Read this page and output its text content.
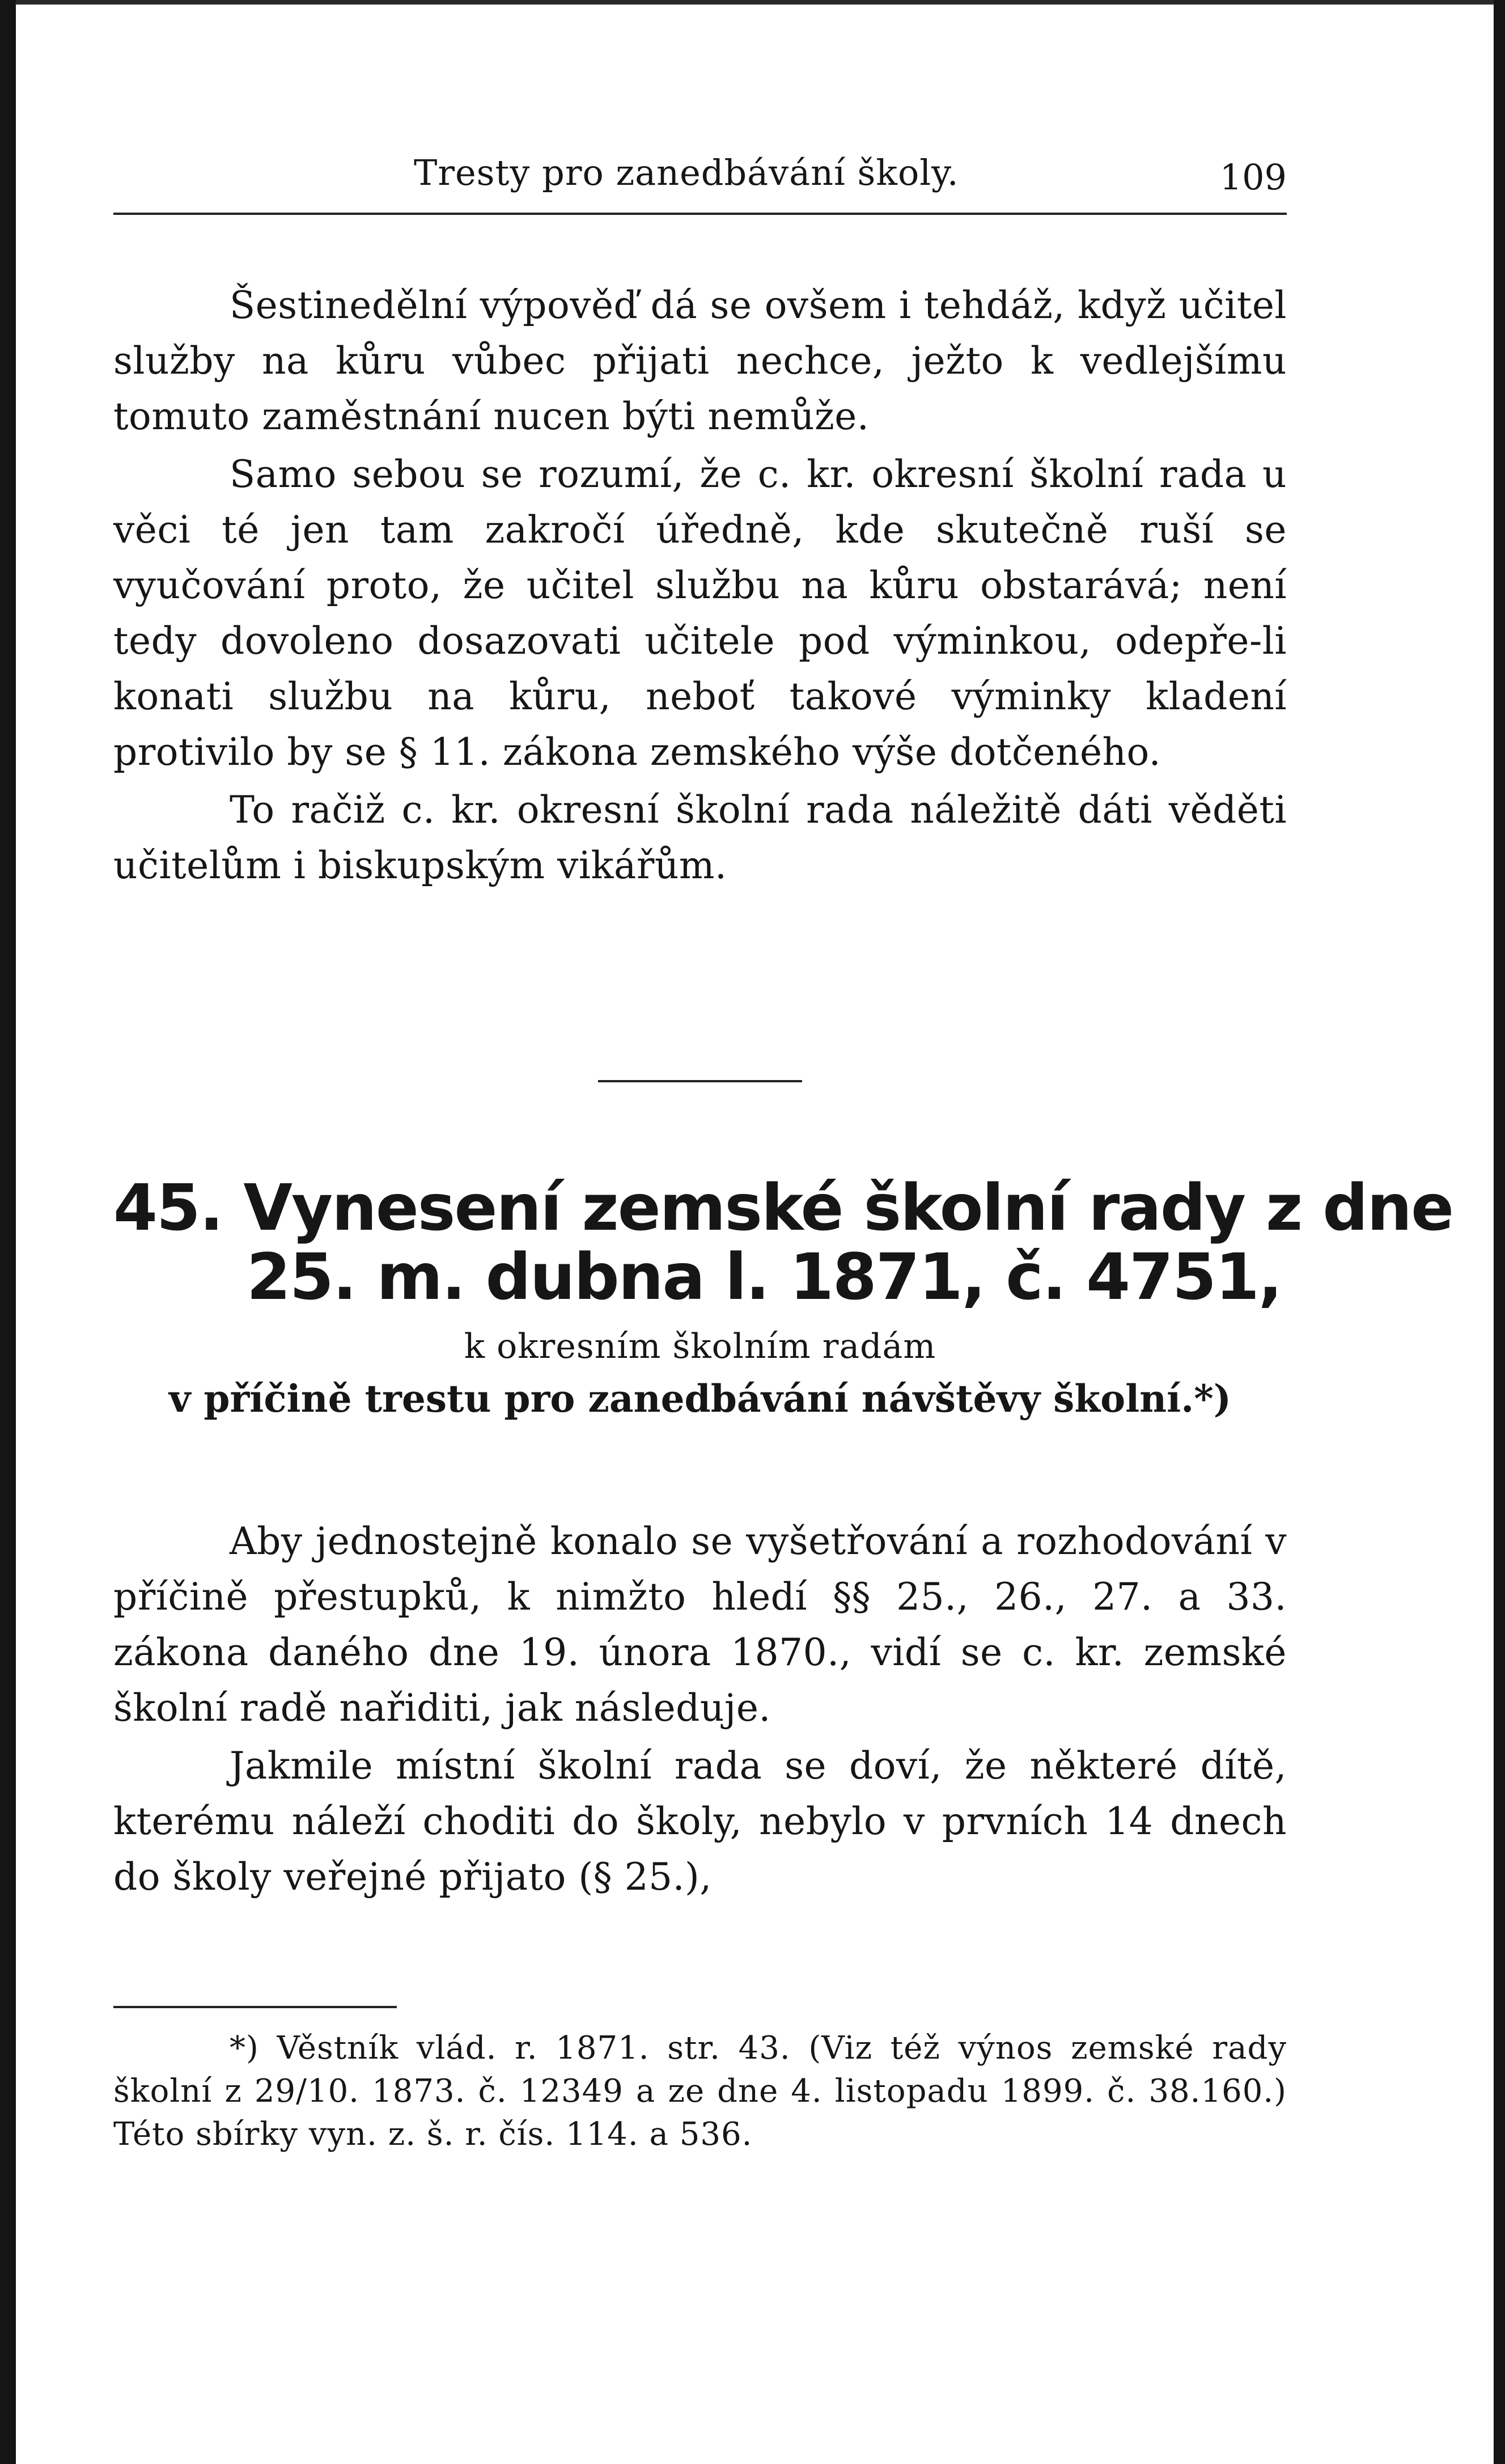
Tresty pro zanedbávání školy.	109

Šestinedělní výpověď dá se ovšem i tehdáž, když učitel služby na kůru vůbec přijati nechce, ježto k vedlejšímu tomuto zaměstnání nucen býti nemůže.

Samo sebou se rozumí, že c. kr. okresní školní rada u věci té jen tam zakročí úředně, kde skutečně ruší se vyučování proto, že učitel službu na kůru obstarává; není tedy dovoleno dosazovati učitele pod výminkou, odepře-li konati službu na kůru, neboť takové výminky kladení protivilo by se § 11. zákona zemského výše dotčeného.

To račiž c. kr. okresní školní rada náležitě dáti věděti učitelům i biskupským vikářům.

45. Vynesení zemské školní rady z dne
25. m. dubna l. 1871, č. 4751,
k okresním školním radám
v příčině trestu pro zanedbávání návštěvy školní.*)

Aby jednostejně konalo se vyšetřování a rozhodování v příčině přestupků, k nimžto hledí §§ 25., 26., 27. a 33. zákona daného dne 19. února 1870., vidí se c. kr. zemské školní radě nařiditi, jak následuje.

Jakmile místní školní rada se doví, že některé dítě, kterému náleží choditi do školy, nebylo v prvních 14 dnech do školy veřejné přijato (§ 25.),

*) Věstník vlád. r. 1871. str. 43. (Viz též výnos zemské rady školní z 29/10. 1873. č. 12349 a ze dne 4. listopadu 1899. č. 38.160.) Této sbírky vyn. z. š. r. čís. 114. a 536.
